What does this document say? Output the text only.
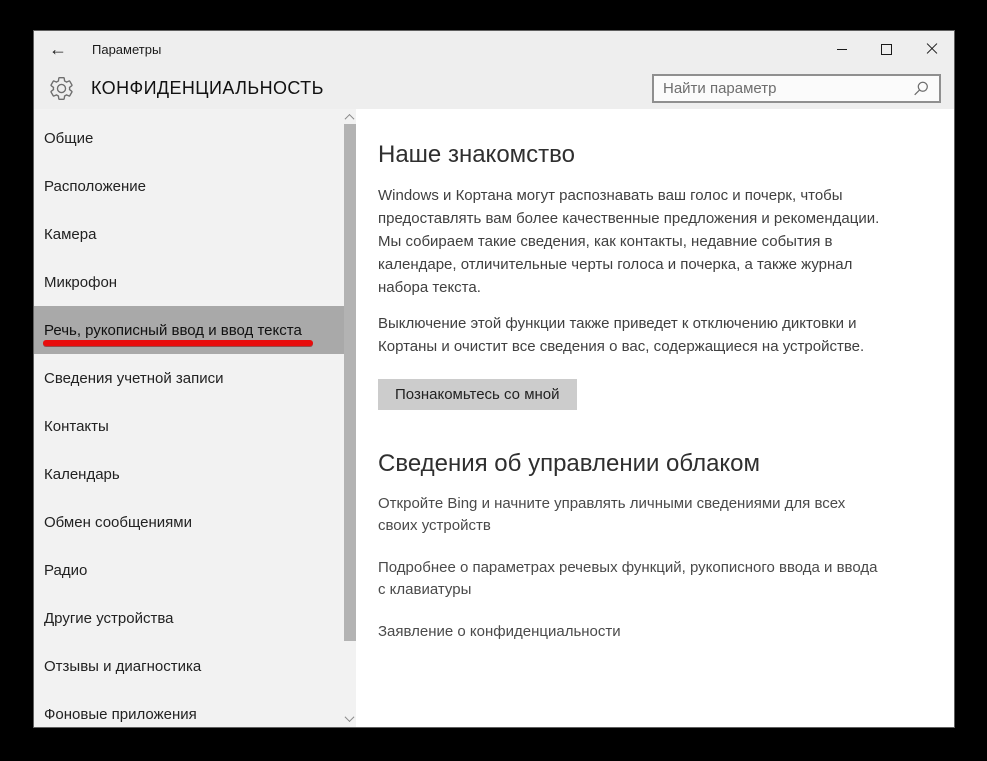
← Параметры
КОНФИДЕНЦИАЛЬНОСТЬ
Найти параметр
Общие
Расположение
Камера
Микрофон
Речь, рукописный ввод и ввод текста
Сведения учетной записи
Контакты
Календарь
Обмен сообщениями
Радио
Другие устройства
Отзывы и диагностика
Фоновые приложения
Наше знакомство

Windows и Кортана могут распознавать ваш голос и почерк, чтобы предоставлять вам более качественные предложения и рекомендации. Мы собираем такие сведения, как контакты, недавние события в календаре, отличительные черты голоса и почерка, а также журнал набора текста.

Выключение этой функции также приведет к отключению диктовки и Кортаны и очистит все сведения о вас, содержащиеся на устройстве.

Познакомьтесь со мной
Сведения об управлении облаком
Откройте Bing и начните управлять личными сведениями для всех своих устройств
Подробнее о параметрах речевых функций, рукописного ввода и ввода с клавиатуры
Заявление о конфиденциальности
